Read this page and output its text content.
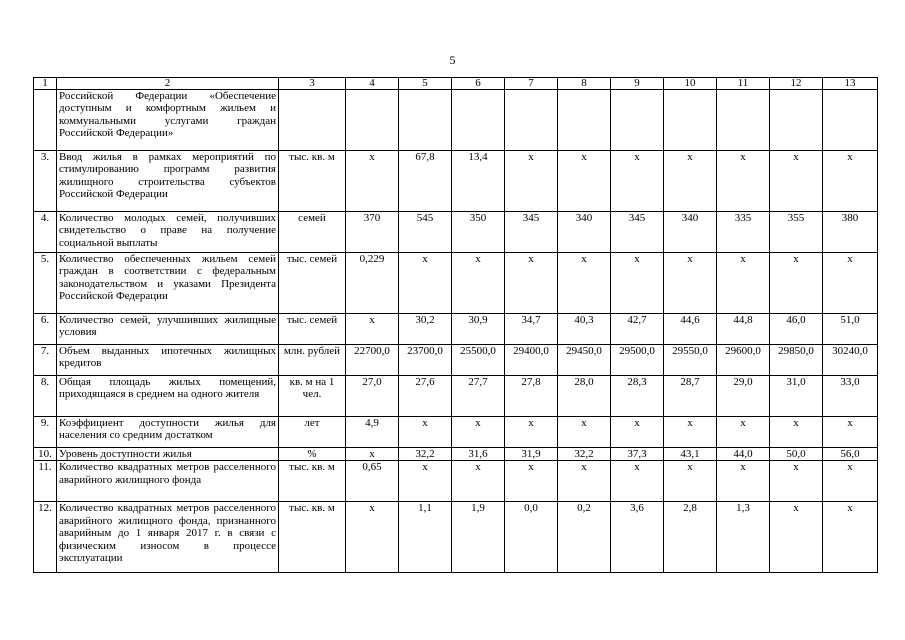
5
1	2	3	4	5	6	7	8	9	10	11	12	13
	Российской Федерации «Обеспечение доступным и комфортным жильем и коммунальными услугами граждан Российской Федерации»											
3.	Ввод жилья в рамках мероприятий по стимулированию программ развития жилищного строительства субъектов Российской Федерации	тыс. кв. м	х	67,8	13,4	х	х	х	х	х	х	х
4.	Количество молодых семей, получивших свидетельство о праве на получение социальной выплаты	семей	370	545	350	345	340	345	340	335	355	380
5.	Количество обеспеченных жильем семей граждан в соответствии с федеральным законодательством и указами Президента Российской Федерации	тыс. семей	0,229	х	х	х	х	х	х	х	х	х
6.	Количество семей, улучшивших жилищные условия	тыс. семей	х	30,2	30,9	34,7	40,3	42,7	44,6	44,8	46,0	51,0
7.	Объем выданных ипотечных жилищных кредитов	млн. рублей	22700,0	23700,0	25500,0	29400,0	29450,0	29500,0	29550,0	29600,0	29850,0	30240,0
8.	Общая площадь жилых помещений, приходящаяся в среднем на одного жителя	кв. м на 1 чел.	27,0	27,6	27,7	27,8	28,0	28,3	28,7	29,0	31,0	33,0
9.	Коэффициент доступности жилья для населения со средним достатком	лет	4,9	х	х	х	х	х	х	х	х	х
10.	Уровень доступности жилья	%	х	32,2	31,6	31,9	32,2	37,3	43,1	44,0	50,0	56,0
11.	Количество квадратных метров расселенного аварийного жилищного фонда	тыс. кв. м	0,65	х	х	х	х	х	х	х	х	х
12.	Количество квадратных метров расселенного аварийного жилищного фонда, признанного аварийным до 1 января 2017 г. в связи с физическим износом в процессе эксплуатации	тыс. кв. м	х	1,1	1,9	0,0	0,2	3,6	2,8	1,3	х	х
